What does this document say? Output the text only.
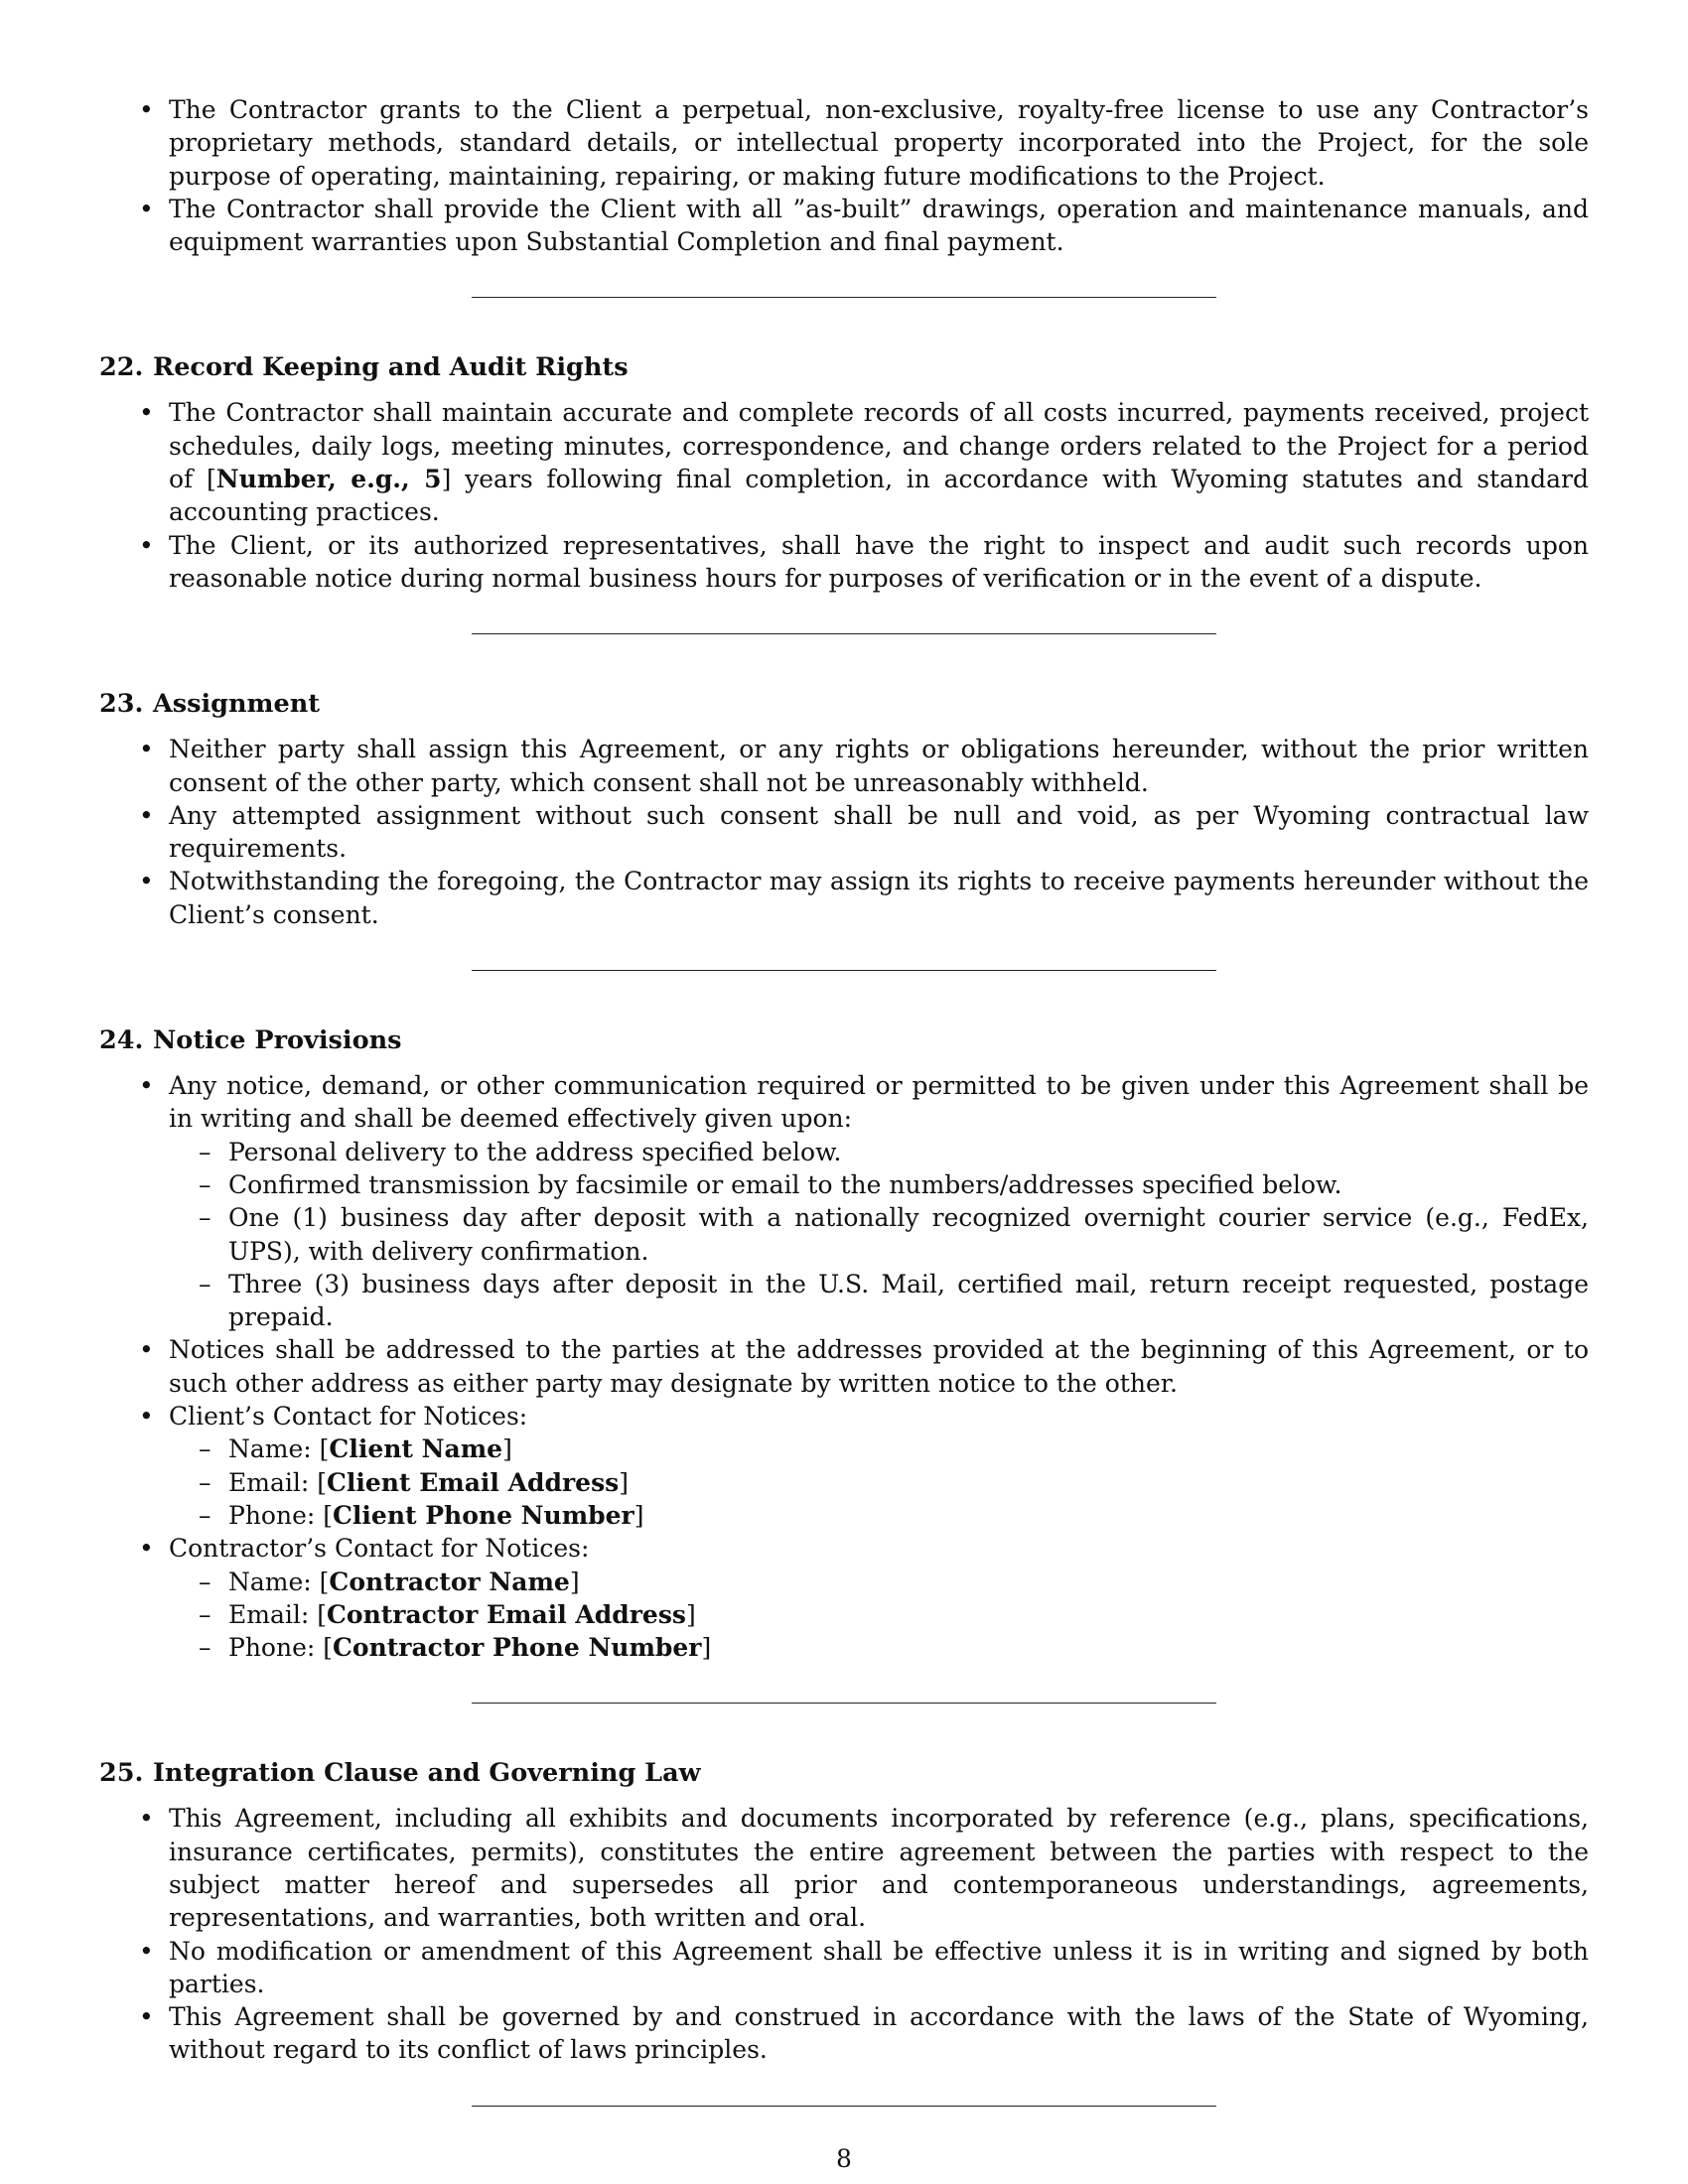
• The Contractor grants to the Client a perpetual, non-exclusive, royalty-free license to use any Contractor’s proprietary methods, standard details, or intellectual property incorporated into the Project, for the sole purpose of operating, maintaining, repairing, or making future modifications to the Project.
• The Contractor shall provide the Client with all ”as-built” drawings, operation and maintenance manuals, and equipment warranties upon Substantial Completion and final payment.
22. Record Keeping and Audit Rights
• The Contractor shall maintain accurate and complete records of all costs incurred, payments received, project schedules, daily logs, meeting minutes, correspondence, and change orders related to the Project for a period of [Number, e.g., 5] years following final completion, in accordance with Wyoming statutes and standard accounting practices.
• The Client, or its authorized representatives, shall have the right to inspect and audit such records upon reasonable notice during normal business hours for purposes of verification or in the event of a dispute.
23. Assignment
• Neither party shall assign this Agreement, or any rights or obligations hereunder, without the prior written consent of the other party, which consent shall not be unreasonably withheld.
• Any attempted assignment without such consent shall be null and void, as per Wyoming contractual law requirements.
• Notwithstanding the foregoing, the Contractor may assign its rights to receive payments hereunder without the Client’s consent.
24. Notice Provisions
• Any notice, demand, or other communication required or permitted to be given under this Agreement shall be in writing and shall be deemed effectively given upon:
– Personal delivery to the address specified below.
– Confirmed transmission by facsimile or email to the numbers/addresses specified below.
– One (1) business day after deposit with a nationally recognized overnight courier service (e.g., FedEx, UPS), with delivery confirmation.
– Three (3) business days after deposit in the U.S. Mail, certified mail, return receipt requested, postage prepaid.
• Notices shall be addressed to the parties at the addresses provided at the beginning of this Agreement, or to such other address as either party may designate by written notice to the other.
• Client’s Contact for Notices:
– Name: [Client Name]
– Email: [Client Email Address]
– Phone: [Client Phone Number]
• Contractor’s Contact for Notices:
– Name: [Contractor Name]
– Email: [Contractor Email Address]
– Phone: [Contractor Phone Number]
25. Integration Clause and Governing Law
• This Agreement, including all exhibits and documents incorporated by reference (e.g., plans, specifications, insurance certificates, permits), constitutes the entire agreement between the parties with respect to the subject matter hereof and supersedes all prior and contemporaneous understandings, agreements, representations, and warranties, both written and oral.
• No modification or amendment of this Agreement shall be effective unless it is in writing and signed by both parties.
• This Agreement shall be governed by and construed in accordance with the laws of the State of Wyoming, without regard to its conflict of laws principles.
8
